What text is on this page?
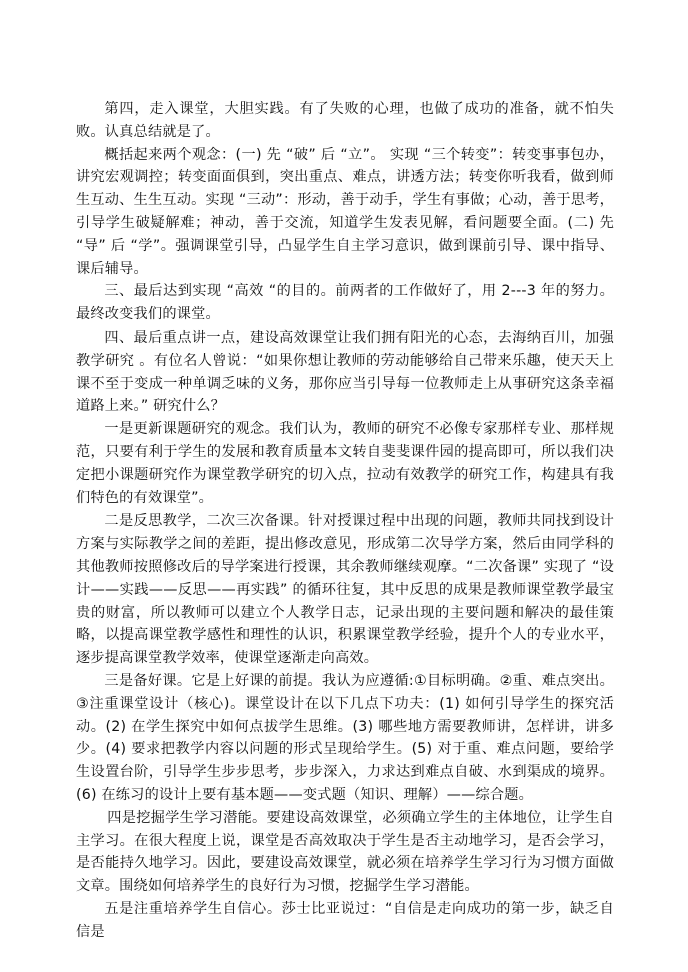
第四，走入课堂，大胆实践。有了失败的心理，也做了成功的准备，就不怕失败。认真总结就是了。

概括起来两个观念：(一) 先 “破” 后 “立”。 实现 “三个转变”：转变事事包办，讲究宏观调控；转变面面俱到，突出重点、难点，讲透方法；转变你听我看，做到师生互动、生生互动。实现 “三动”：形动，善于动手，学生有事做；心动，善于思考，引导学生破疑解难；神动，善于交流，知道学生发表见解，看问题要全面。(二) 先 “导” 后 “学”。强调课堂引导，凸显学生自主学习意识，做到课前引导、课中指导、课后辅导。

三、最后达到实现 “高效 “的目的。前两者的工作做好了，用 2---3 年的努力。最终改变我们的课堂。

四、最后重点讲一点，建设高效课堂让我们拥有阳光的心态，去海纳百川，加强教学研究 。有位名人曾说：“如果你想让教师的劳动能够给自己带来乐趣，使天天上课不至于变成一种单调乏味的义务，那你应当引导每一位教师走上从事研究这条幸福道路上来。” 研究什么？

一是更新课题研究的观念。我们认为，教师的研究不必像专家那样专业、那样规范，只要有利于学生的发展和教育质量本文转自斐斐课件园的提高即可，所以我们决定把小课题研究作为课堂教学研究的切入点，拉动有效教学的研究工作，构建具有我们特色的有效课堂”。

二是反思教学，二次三次备课。针对授课过程中出现的问题，教师共同找到设计方案与实际教学之间的差距，提出修改意见，形成第二次导学方案，然后由同学科的其他教师按照修改后的导学案进行授课，其余教师继续观摩。“二次备课” 实现了 “设计——实践——反思——再实践” 的循环往复，其中反思的成果是教师课堂教学最宝贵的财富，所以教师可以建立个人教学日志，记录出现的主要问题和解决的最佳策略，以提高课堂教学感性和理性的认识，积累课堂教学经验，提升个人的专业水平，逐步提高课堂教学效率，使课堂逐渐走向高效。

三是备好课。它是上好课的前提。我认为应遵循:①目标明确。②重、难点突出。③注重课堂设计（核心)。课堂设计在以下几点下功夫：(1) 如何引导学生的探究活动。(2) 在学生探究中如何点拔学生思维。(3) 哪些地方需要教师讲，怎样讲，讲多少。(4) 要求把教学内容以问题的形式呈现给学生。(5) 对于重、难点问题，要给学生设置台阶，引导学生步步思考，步步深入，力求达到难点自破、水到渠成的境界。(6) 在练习的设计上要有基本题——变式题（知识、理解）——综合题。

四是挖掘学生学习潜能。要建设高效课堂，必须确立学生的主体地位，让学生自主学习。在很大程度上说，课堂是否高效取决于学生是否主动地学习，是否会学习，是否能持久地学习。因此，要建设高效课堂，就必须在培养学生学习行为习惯方面做文章。围绕如何培养学生的良好行为习惯，挖掘学生学习潜能。

五是注重培养学生自信心。莎士比亚说过：“自信是走向成功的第一步，缺乏自信是
